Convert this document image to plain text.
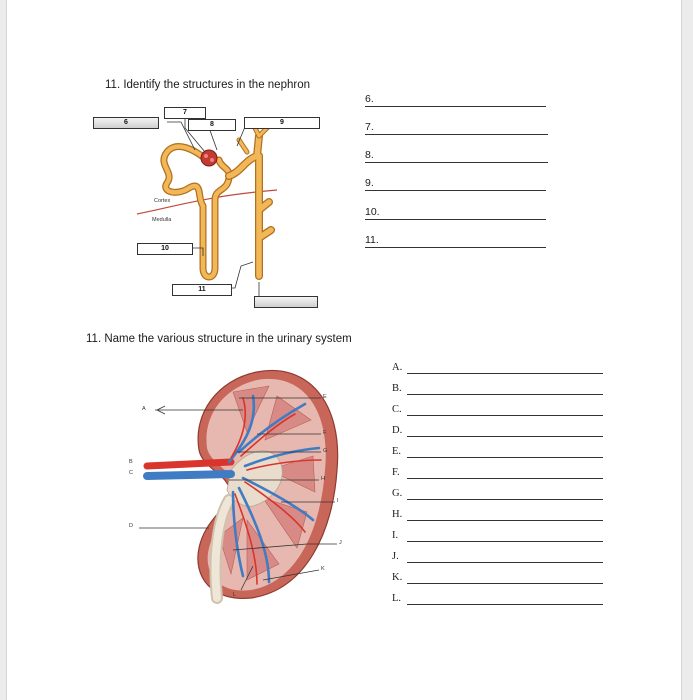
11. Identify the structures in the nephron
6.
7.
8.
9.
10.
11.
6
7
8	9
10
11
Cortex
Medulla
11. Name the various structure in the urinary system
A
B
C
D
E
F
G
H
I
J
K
L
A.
B.
C.
D.
E.
F.
G.
H.
I.
J.
K.
L.
